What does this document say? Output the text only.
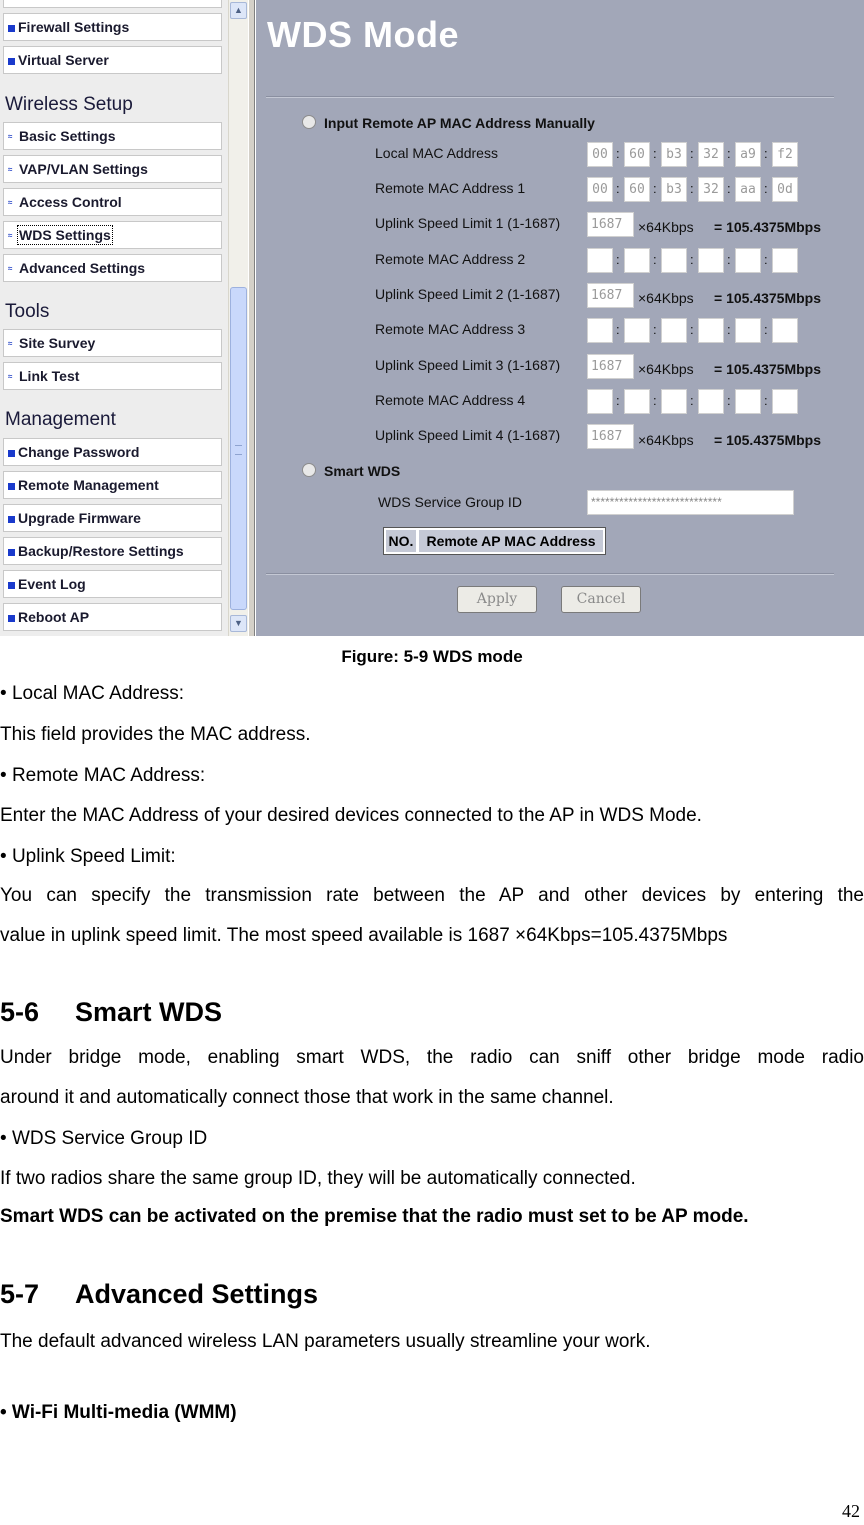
Firewall Settings
Virtual Server
Wireless Setup
≈ Basic Settings
≈ VAP/VLAN Settings
≈ Access Control
≈ WDS Settings
≈ Advanced Settings
Tools
≈ Site Survey
≈ Link Test
Management
Change Password
Remote Management
Upgrade Firmware
Backup/Restore Settings
Event Log
Reboot AP
▲
▼
WDS Mode
Input Remote AP MAC Address Manually
Local MAC Address	00 : 60 : b3 : 32 : a9 : f2
Remote MAC Address 1	00 : 60 : b3 : 32 : aa : 0d
Uplink Speed Limit 1 (1-1687)	1687	×64Kbps = 105.4375Mbps
Remote MAC Address 2	:	:	:	:	:
Uplink Speed Limit 2 (1-1687)	1687	×64Kbps = 105.4375Mbps
Remote MAC Address 3	:	:	:	:	:
Uplink Speed Limit 3 (1-1687)	1687	×64Kbps = 105.4375Mbps
Remote MAC Address 4	:	:	:	:	:
Uplink Speed Limit 4 (1-1687)	1687	×64Kbps = 105.4375Mbps
Smart WDS
WDS Service Group ID	****************************
NO. Remote AP MAC Address
Apply	Cancel
Figure: 5-9 WDS mode
• Local MAC Address:
This field provides the MAC address.
• Remote MAC Address:
Enter the MAC Address of your desired devices connected to the AP in WDS Mode.
• Uplink Speed Limit:
You can specify the transmission rate between the AP and other devices by entering the
value in uplink speed limit. The most speed available is 1687 ×64Kbps=105.4375Mbps
5-6 Smart WDS
Under bridge mode, enabling smart WDS, the radio can sniff other bridge mode radio
around it and automatically connect those that work in the same channel.
• WDS Service Group ID
If two radios share the same group ID, they will be automatically connected.
Smart WDS can be activated on the premise that the radio must set to be AP mode.
5-7 Advanced Settings
The default advanced wireless LAN parameters usually streamline your work.
• Wi-Fi Multi-media (WMM)
42
